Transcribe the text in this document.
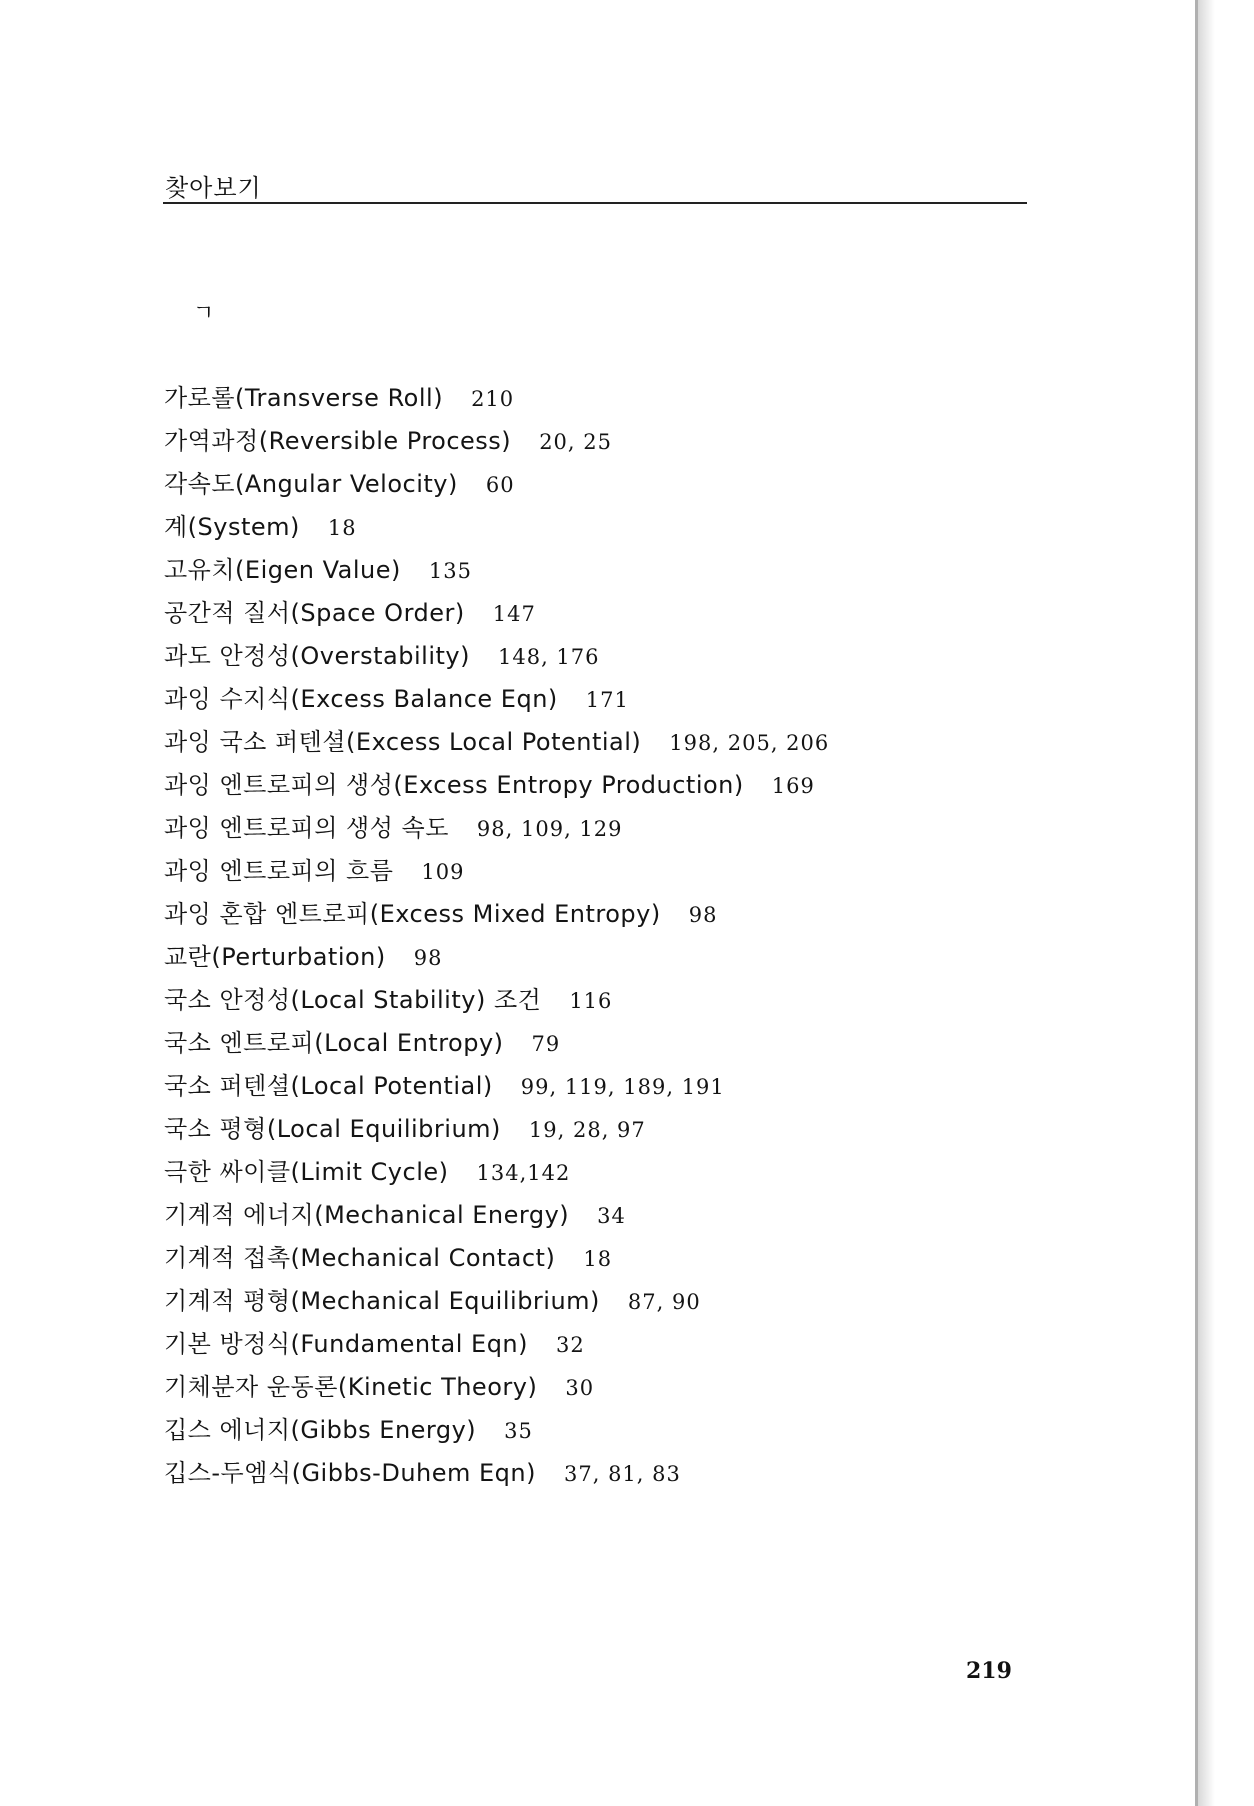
찾아보기
ㄱ
가로롤(Transverse Roll) 210
가역과정(Reversible Process) 20, 25
각속도(Angular Velocity) 60
계(System) 18
고유치(Eigen Value) 135
공간적 질서(Space Order) 147
과도 안정성(Overstability) 148, 176
과잉 수지식(Excess Balance Eqn) 171
과잉 국소 퍼텐셜(Excess Local Potential) 198, 205, 206
과잉 엔트로피의 생성(Excess Entropy Production) 169
과잉 엔트로피의 생성 속도 98, 109, 129
과잉 엔트로피의 흐름 109
과잉 혼합 엔트로피(Excess Mixed Entropy) 98
교란(Perturbation) 98
국소 안정성(Local Stability) 조건 116
국소 엔트로피(Local Entropy) 79
국소 퍼텐셜(Local Potential) 99, 119, 189, 191
국소 평형(Local Equilibrium) 19, 28, 97
극한 싸이클(Limit Cycle) 134,142
기계적 에너지(Mechanical Energy) 34
기계적 접촉(Mechanical Contact) 18
기계적 평형(Mechanical Equilibrium) 87, 90
기본 방정식(Fundamental Eqn) 32
기체분자 운동론(Kinetic Theory) 30
깁스 에너지(Gibbs Energy) 35
깁스-두엠식(Gibbs-Duhem Eqn) 37, 81, 83
219
